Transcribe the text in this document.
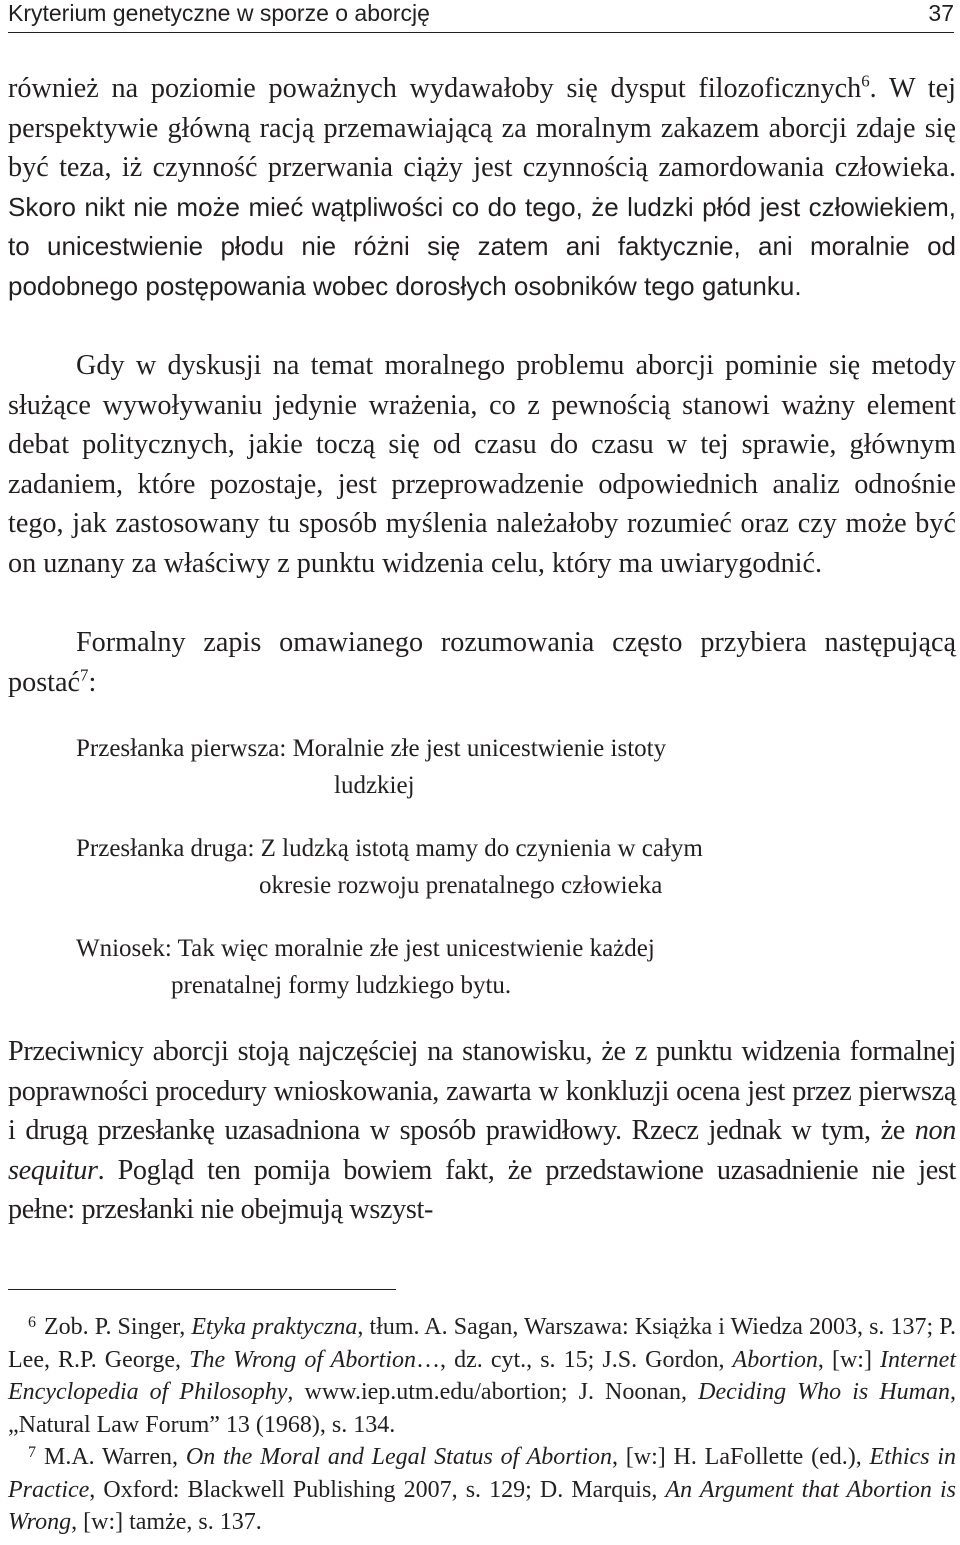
Kryterium genetyczne w sporze o aborcję	37

również na poziomie poważnych wydawałoby się dysput filozoficznych$^6$. W tej perspektywie główną racją przemawiającą za moralnym zakazem aborcji zdaje się być teza, iż czynność przerwania ciąży jest czynnością zamordowania człowieka. Skoro nikt nie może mieć wątpliwości co do tego, że ludzki płód jest człowiekiem, to unicestwienie płodu nie różni się zatem ani faktycznie, ani moralnie od podobnego postępowania wobec dorosłych osobników tego gatunku.

Gdy w dyskusji na temat moralnego problemu aborcji pominie się metody służące wywoływaniu jedynie wrażenia, co z pewnością stanowi ważny element debat politycznych, jakie toczą się od czasu do czasu w tej sprawie, głównym zadaniem, które pozostaje, jest przeprowadzenie odpowiednich analiz odnośnie tego, jak zastosowany tu sposób myślenia należałoby rozumieć oraz czy może być on uznany za właściwy z punktu widzenia celu, który ma uwiarygodnić.

Formalny zapis omawianego rozumowania często przybiera następującą postać$^7$:

Przesłanka pierwsza: Moralnie złe jest unicestwienie istoty
ludzkiej
Przesłanka druga: Z ludzką istotą mamy do czynienia w całym
okresie rozwoju prenatalnego człowieka
Wniosek: Tak więc moralnie złe jest unicestwienie każdej
prenatalnej formy ludzkiego bytu.

Przeciwnicy aborcji stoją najczęściej na stanowisku, że z punktu widzenia formalnej poprawności procedury wnioskowania, zawarta w konkluzji ocena jest przez pierwszą i drugą przesłankę uzasadniona w sposób prawidłowy. Rzecz jednak w tym, że non sequitur. Pogląd ten pomija bowiem fakt, że przedstawione uzasadnienie nie jest pełne: przesłanki nie obejmują wszyst-

6 Zob. P. Singer, Etyka praktyczna, tłum. A. Sagan, Warszawa: Książka i Wiedza 2003, s. 137; P. Lee, R.P. George, The Wrong of Abortion…, dz. cyt., s. 15; J.S. Gordon, Abortion, [w:] Internet Encyclopedia of Philosophy, www.iep.utm.edu/abortion; J. Noonan, Deciding Who is Human, „Natural Law Forum” 13 (1968), s. 134.

7 M.A. Warren, On the Moral and Legal Status of Abortion, [w:] H. LaFollette (ed.), Ethics in Practice, Oxford: Blackwell Publishing 2007, s. 129; D. Marquis, An Argument that Abortion is Wrong, [w:] tamże, s. 137.
